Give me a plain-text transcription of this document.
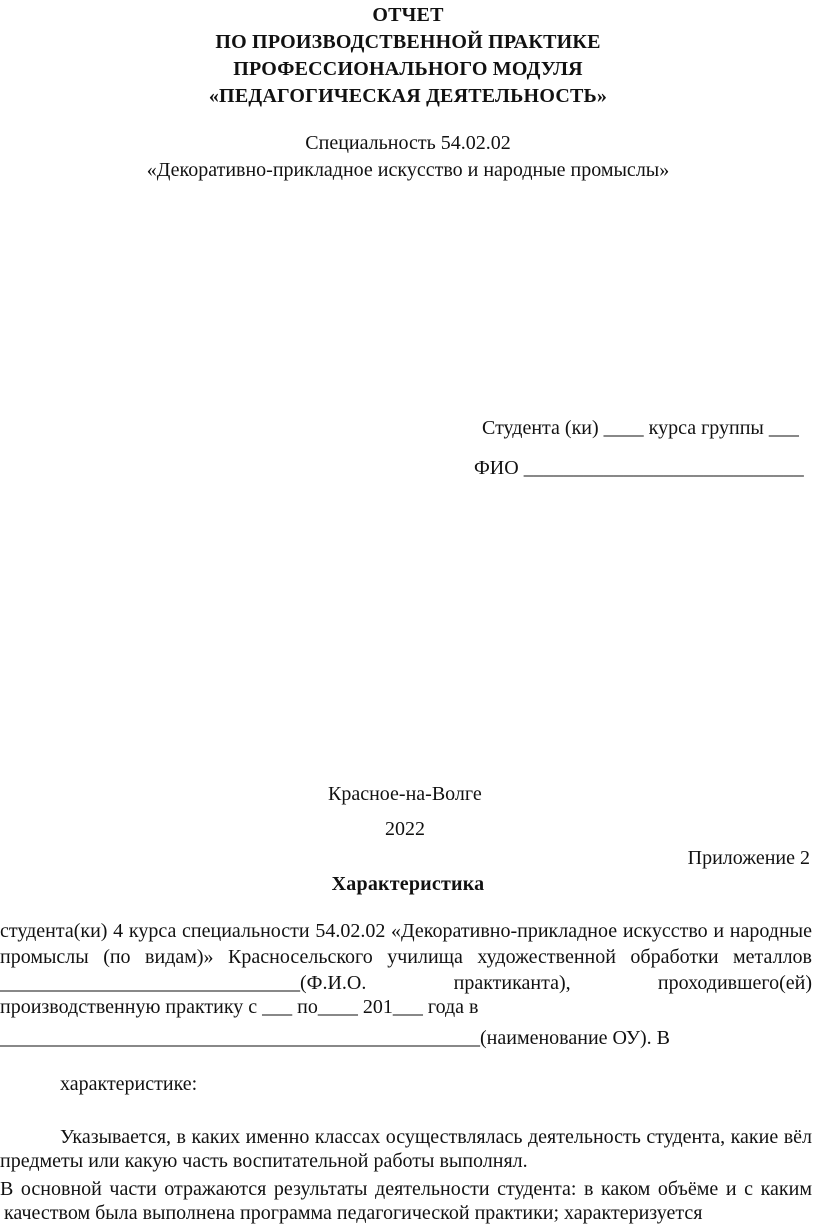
ОТЧЕТ
ПО ПРОИЗВОДСТВЕННОЙ ПРАКТИКЕ
ПРОФЕССИОНАЛЬНОГО МОДУЛЯ
«ПЕДАГОГИЧЕСКАЯ ДЕЯТЕЛЬНОСТЬ»
Специальность 54.02.02
«Декоративно-прикладное искусство и народные промыслы»
Студента (ки) ____ курса группы ___
ФИО ____________________________
Красное-на-Волге
2022
Приложение 2
Характеристика
студента(ки) 4 курса специальности 54.02.02 «Декоративно-прикладное искусство и народные
промыслы (по видам)» Красносельского училища художественной обработки металлов
______________________________(Ф.И.О. практиканта), проходившего(ей)
производственную практику с ___ по____ 201___ года в
________________________________________________(наименование ОУ). В
характеристике:
Указывается, в каких именно классах осуществлялась деятельность студента, какие вёл
предметы или какую часть воспитательной работы выполнял.
В основной части отражаются результаты деятельности студента: в каком объёме и с каким
качеством была выполнена программа педагогической практики; характеризуется
